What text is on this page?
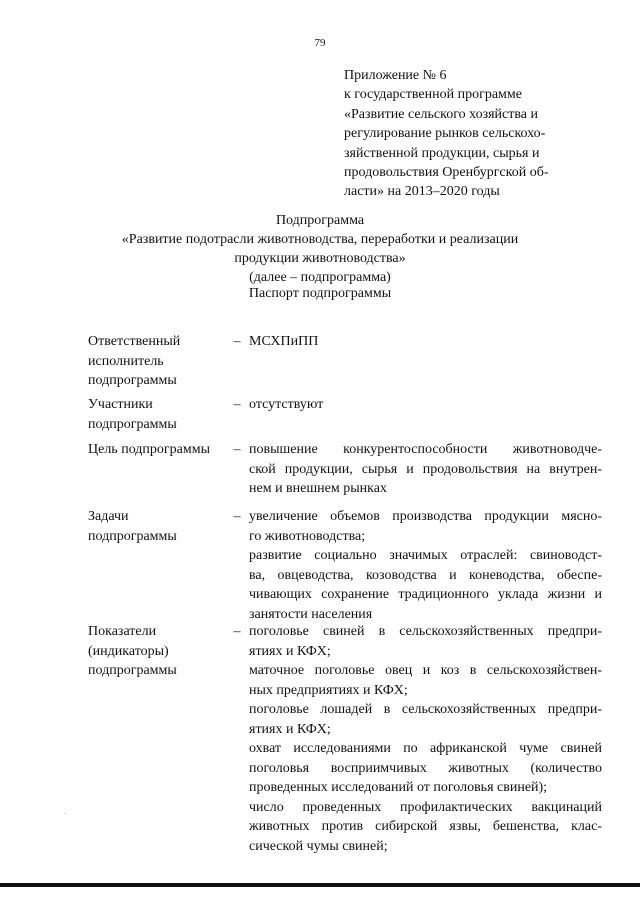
79
Приложение № 6
к государственной программе
«Развитие сельского хозяйства и
регулирование рынков сельскохо-
зяйственной продукции, сырья и
продовольствия Оренбургской об-
ласти» на 2013–2020 годы
Подпрограмма
«Развитие подотрасли животноводства, переработки и реализации
продукции животноводства»
(далее – подпрограмма)
Паспорт подпрограммы
Ответственный
исполнитель
подпрограммы
– МСХПиПП
Участники
подпрограммы
– отсутствуют
Цель подпрограммы	– повышение конкурентоспособности животноводче-
ской продукции, сырья и продовольствия на внутрен-
нем и внешнем рынках
Задачи
подпрограммы
– увеличение объемов производства продукции мясно-
го животноводства;
развитие социально значимых отраслей: свиноводст-
ва, овцеводства, козоводства и коневодства, обеспе-
чивающих сохранение традиционного уклада жизни и
занятости населения
Показатели
(индикаторы)
подпрограммы
– поголовье свиней в сельскохозяйственных предпри-
ятиях и КФХ;
маточное поголовье овец и коз в сельскохозяйствен-
ных предприятиях и КФХ;
поголовье лошадей в сельскохозяйственных предпри-
ятиях и КФХ;
охват исследованиями по африканской чуме свиней
поголовья восприимчивых животных (количество
проведенных исследований от поголовья свиней);
число проведенных профилактических вакцинаций
животных против сибирской язвы, бешенства, клас-
сической чумы свиней;
